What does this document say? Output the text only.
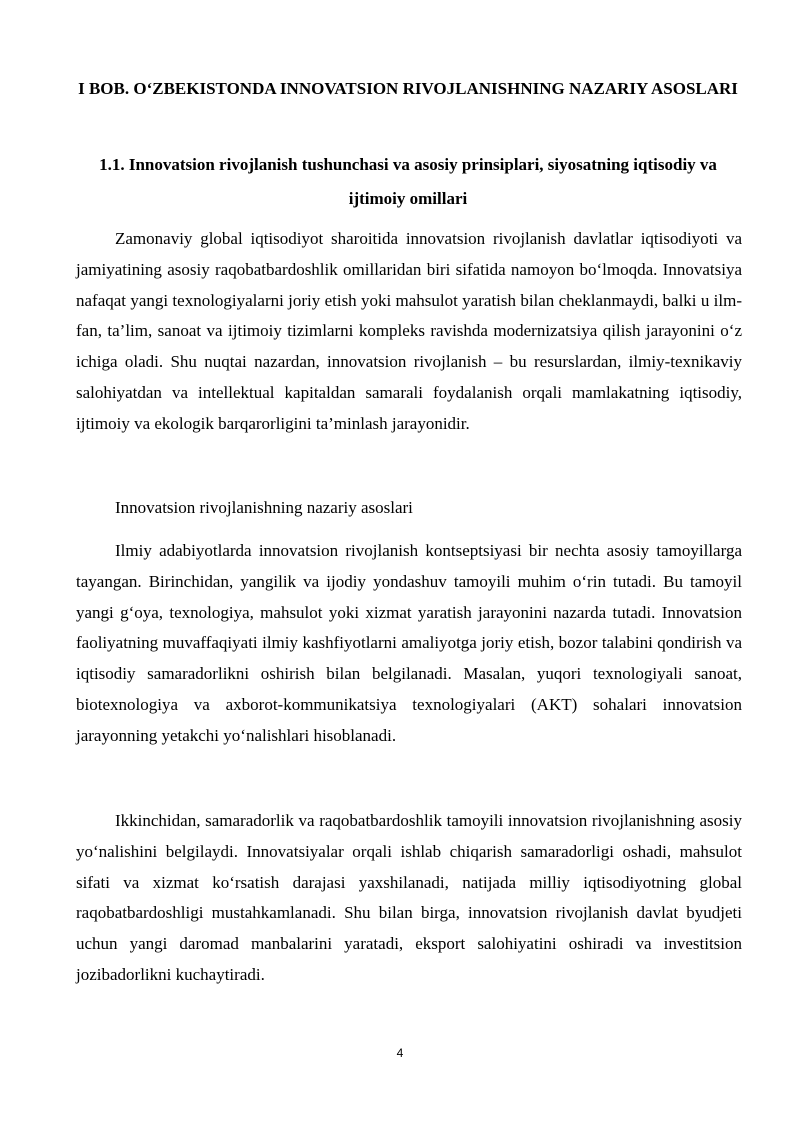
I BOB. O‘ZBEKISTONDA INNOVATSION RIVOJLANISHNING NAZARIY ASOSLARI
1.1. Innovatsion rivojlanish tushunchasi va asosiy prinsiplari, siyosatning iqtisodiy va ijtimoiy omillari

Zamonaviy global iqtisodiyot sharoitida innovatsion rivojlanish davlatlar iqtisodiyoti va jamiyatining asosiy raqobatbardoshlik omillaridan biri sifatida namoyon bo‘lmoqda. Innovatsiya nafaqat yangi texnologiyalarni joriy etish yoki mahsulot yaratish bilan cheklanmaydi, balki u ilm-fan, ta’lim, sanoat va ijtimoiy tizimlarni kompleks ravishda modernizatsiya qilish jarayonini o‘z ichiga oladi. Shu nuqtai nazardan, innovatsion rivojlanish – bu resurslardan, ilmiy-texnikaviy salohiyatdan va intellektual kapitaldan samarali foydalanish orqali mamlakatning iqtisodiy, ijtimoiy va ekologik barqarorligini ta’minlash jarayonidir.

Innovatsion rivojlanishning nazariy asoslari

Ilmiy adabiyotlarda innovatsion rivojlanish kontseptsiyasi bir nechta asosiy tamoyillarga tayangan. Birinchidan, yangilik va ijodiy yondashuv tamoyili muhim o‘rin tutadi. Bu tamoyil yangi g‘oya, texnologiya, mahsulot yoki xizmat yaratish jarayonini nazarda tutadi. Innovatsion faoliyatning muvaffaqiyati ilmiy kashfiyotlarni amaliyotga joriy etish, bozor talabini qondirish va iqtisodiy samaradorlikni oshirish bilan belgilanadi. Masalan, yuqori texnologiyali sanoat, biotexnologiya va axborot-kommunikatsiya texnologiyalari (AKT) sohalari innovatsion jarayonning yetakchi yo‘nalishlari hisoblanadi.

Ikkinchidan, samaradorlik va raqobatbardoshlik tamoyili innovatsion rivojlanishning asosiy yo‘nalishini belgilaydi. Innovatsiyalar orqali ishlab chiqarish samaradorligi oshadi, mahsulot sifati va xizmat ko‘rsatish darajasi yaxshilanadi, natijada milliy iqtisodiyotning global raqobatbardoshligi mustahkamlanadi. Shu bilan birga, innovatsion rivojlanish davlat byudjeti uchun yangi daromad manbalarini yaratadi, eksport salohiyatini oshiradi va investitsion jozibadorlikni kuchaytiradi.

4
